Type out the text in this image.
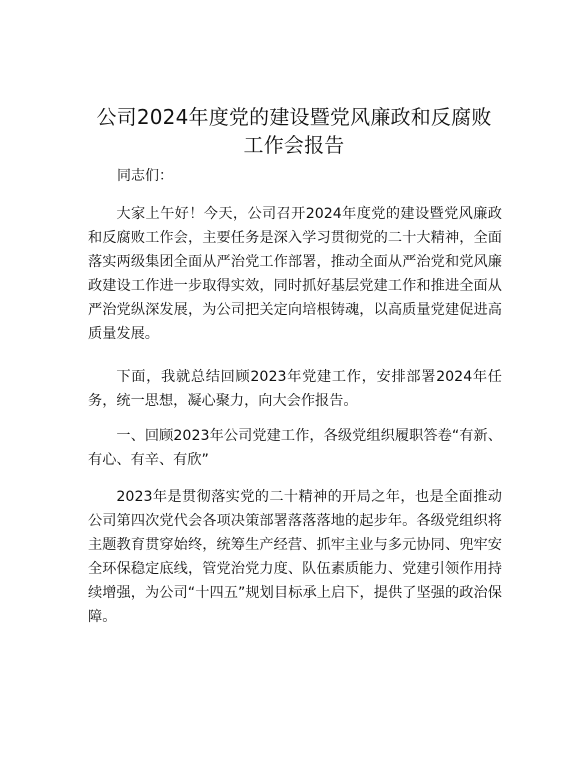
公司2024年度党的建设暨党风廉政和反腐败工作会报告

同志们：

大家上午好！今天，公司召开2024年度党的建设暨党风廉政和反腐败工作会，主要任务是深入学习贯彻党的二十大精神，全面落实两级集团全面从严治党工作部署，推动全面从严治党和党风廉政建设工作进一步取得实效，同时抓好基层党建工作和推进全面从严治党纵深发展，为公司把关定向培根铸魂，以高质量党建促进高质量发展。

下面，我就总结回顾2023年党建工作，安排部署2024年任务，统一思想，凝心聚力，向大会作报告。

一、回顾2023年公司党建工作，各级党组织履职答卷“有新、有心、有辛、有欣”

2023年是贯彻落实党的二十精神的开局之年，也是全面推动公司第四次党代会各项决策部署落落落地的起步年。各级党组织将主题教育贯穿始终，统筹生产经营、抓牢主业与多元协同、兜牢安全环保稳定底线，管党治党力度、队伍素质能力、党建引领作用持续增强，为公司“十四五”规划目标承上启下，提供了坚强的政治保障。
